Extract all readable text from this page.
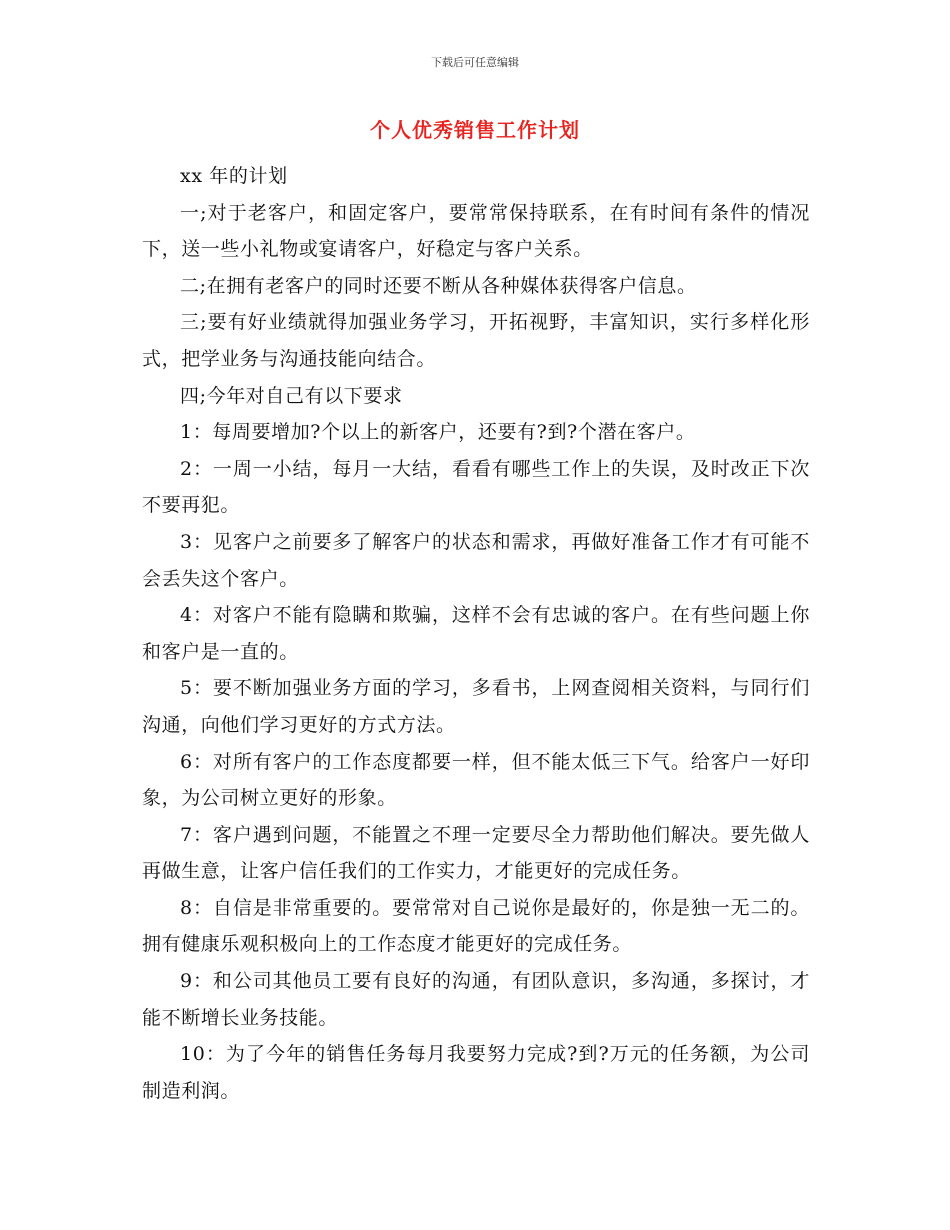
下载后可任意编辑
个人优秀销售工作计划

xx 年的计划

一;对于老客户，和固定客户，要常常保持联系，在有时间有条件的情况下，送一些小礼物或宴请客户，好稳定与客户关系。

二;在拥有老客户的同时还要不断从各种媒体获得客户信息。

三;要有好业绩就得加强业务学习，开拓视野，丰富知识，实行多样化形式，把学业务与沟通技能向结合。

四;今年对自己有以下要求

1：每周要增加?个以上的新客户，还要有?到?个潜在客户。

2：一周一小结，每月一大结，看看有哪些工作上的失误，及时改正下次不要再犯。

3：见客户之前要多了解客户的状态和需求，再做好准备工作才有可能不会丢失这个客户。

4：对客户不能有隐瞒和欺骗，这样不会有忠诚的客户。在有些问题上你和客户是一直的。

5：要不断加强业务方面的学习，多看书，上网查阅相关资料，与同行们沟通，向他们学习更好的方式方法。

6：对所有客户的工作态度都要一样，但不能太低三下气。给客户一好印象，为公司树立更好的形象。

7：客户遇到问题，不能置之不理一定要尽全力帮助他们解决。要先做人再做生意，让客户信任我们的工作实力，才能更好的完成任务。

8：自信是非常重要的。要常常对自己说你是最好的，你是独一无二的。拥有健康乐观积极向上的工作态度才能更好的完成任务。

9：和公司其他员工要有良好的沟通，有团队意识，多沟通，多探讨，才能不断增长业务技能。

10：为了今年的销售任务每月我要努力完成?到?万元的任务额，为公司制造利润。
